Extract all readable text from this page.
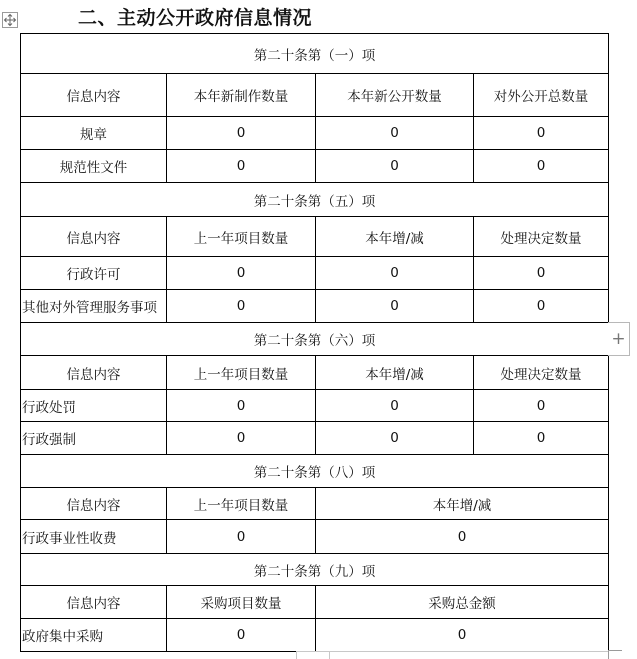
二、主动公开政府信息情况
第二十条第（一）项			
信息内容	本年新制作数量	本年新公开数量	对外公开总数量
规章	0	0	0
规范性文件	0	0	0
第二十条第（五）项			
信息内容	上一年项目数量	本年增/减	处理决定数量
行政许可	0	0	0
其他对外管理服务事项	0	0	0
第二十条第（六）项			
信息内容	上一年项目数量	本年增/减	处理决定数量
行政处罚	0	0	0
行政强制	0	0	0
第二十条第（八）项			
信息内容	上一年项目数量	本年增/减	
行政事业性收费	0	0	
第二十条第（九）项			
信息内容	采购项目数量	采购总金额	
政府集中采购	0	0	
+
